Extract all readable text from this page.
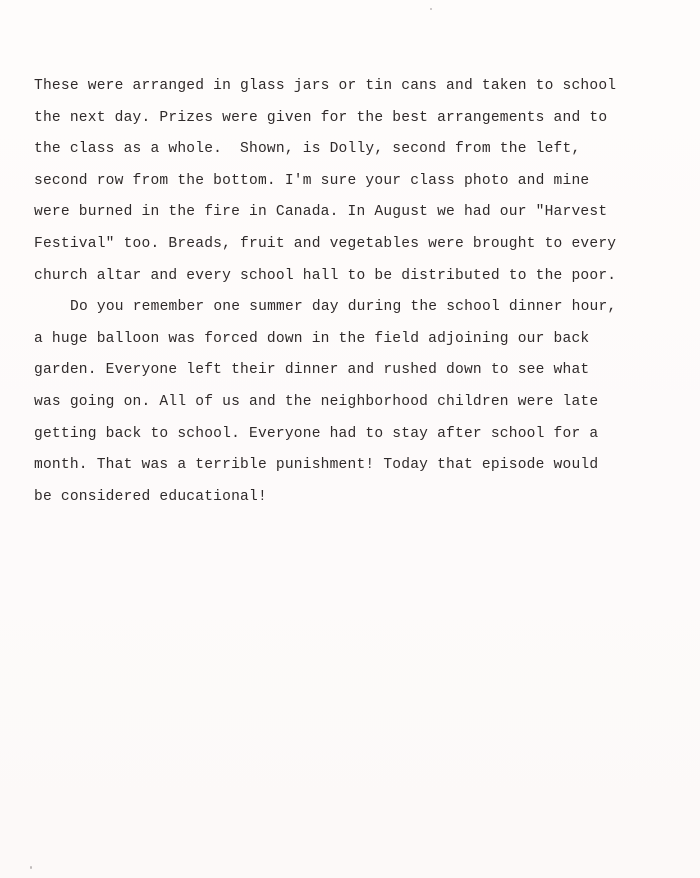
These were arranged in glass jars or tin cans and taken to school
the next day. Prizes were given for the best arrangements and to
the class as a whole.  Shown, is Dolly, second from the left,
second row from the bottom. I'm sure your class photo and mine
were burned in the fire in Canada. In August we had our "Harvest
Festival" too. Breads, fruit and vegetables were brought to every
church altar and every school hall to be distributed to the poor.
Do you remember one summer day during the school dinner hour,
a huge balloon was forced down in the field adjoining our back
garden. Everyone left their dinner and rushed down to see what
was going on. All of us and the neighborhood children were late
getting back to school. Everyone had to stay after school for a
month. That was a terrible punishment! Today that episode would
be considered educational!
